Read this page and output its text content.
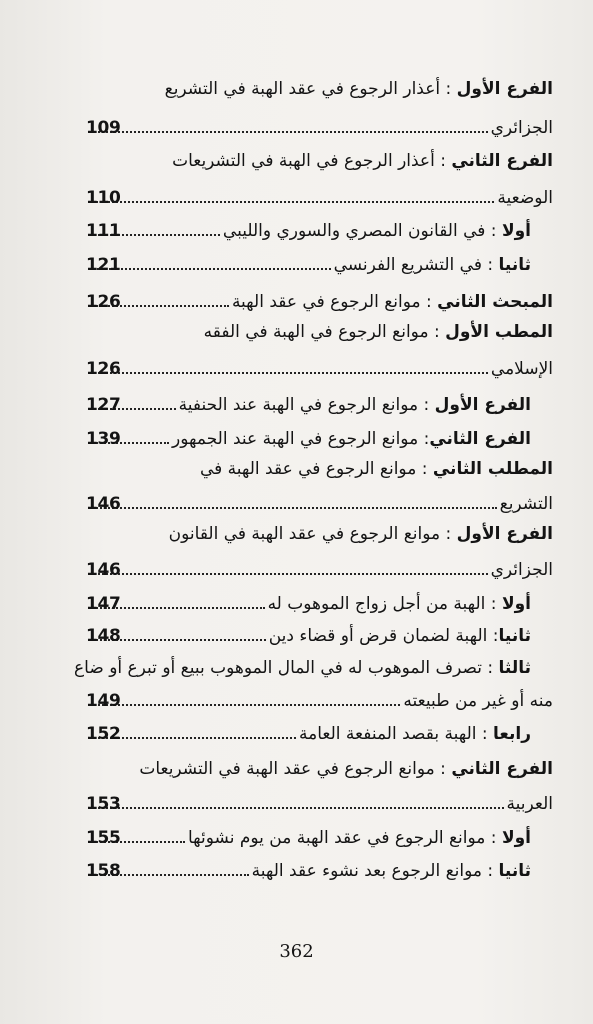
الفرع الأول : أعذار الرجوع في عقد الهبة في التشريع
الجزائري
109
الفرع الثاني : أعذار الرجوع في الهبة في التشريعات
الوضعية
110
أولا : في القانون المصري والسوري والليبي
111
ثانيا : في التشريع الفرنسي
121
المبحث الثاني : موانع الرجوع في عقد الهبة
126
المطب الأول : موانع الرجوع في الهبة في الفقه
الإسلامي
126
الفرع الأول : موانع الرجوع في الهبة عند الحنفية
127
الفرع الثاني: موانع الرجوع في الهبة عند الجمهور
139
المطلب الثاني : موانع الرجوع في عقد الهبة في
التشريع
146
الفرع الأول : موانع الرجوع في عقد الهبة في القانون
الجزائري
146
أولا : الهبة من أجل زواج الموهوب له
147
ثانيا: الهبة لضمان قرض أو قضاء دين
148
ثالثا : تصرف الموهوب له في المال الموهوب ببيع أو تبرع أو ضاع
منه أو غير من طبيعته
149
رابعا : الهبة بقصد المنفعة العامة
152
الفرع الثاني : موانع الرجوع في عقد الهبة في التشريعات
العربية
153
أولا : موانع الرجوع في عقد الهبة من يوم نشوئها
155
ثانيا : موانع الرجوع بعد نشوء عقد الهبة
158
362
